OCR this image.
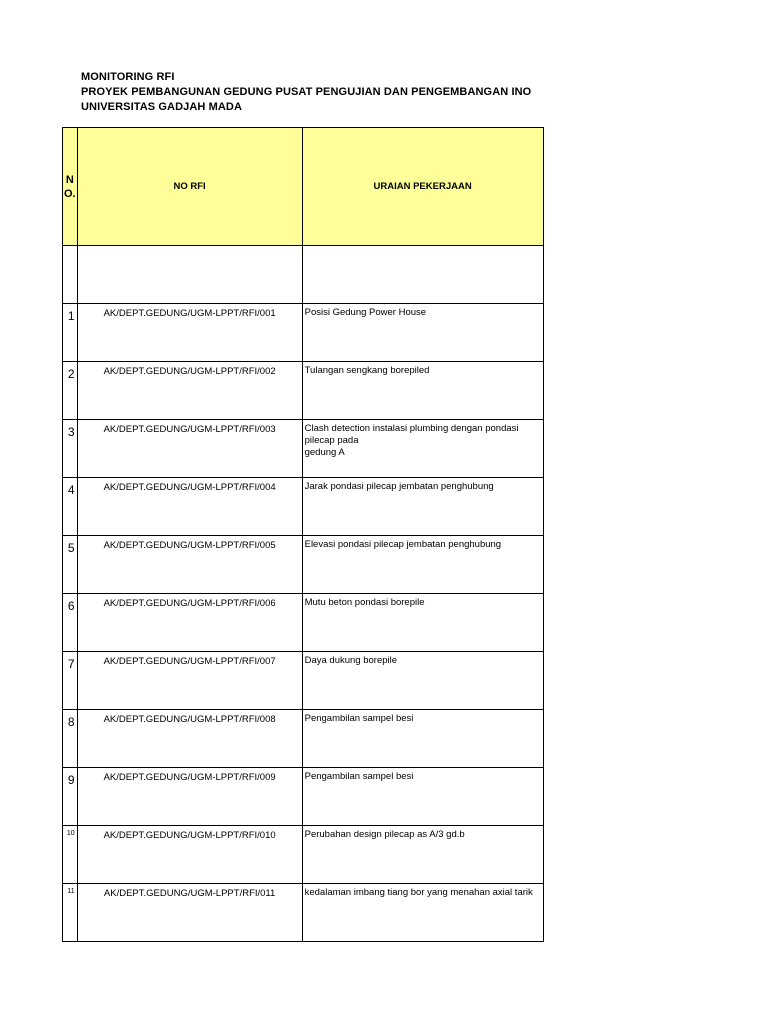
MONITORING RFI
PROYEK PEMBANGUNAN GEDUNG PUSAT PENGUJIAN DAN PENGEMBANGAN INO
UNIVERSITAS GADJAH MADA
NO.	NO RFI	URAIAN PEKERJAAN

1	AK/DEPT.GEDUNG/UGM-LPPT/RFI/001	Posisi Gedung Power House

2	AK/DEPT.GEDUNG/UGM-LPPT/RFI/002	Tulangan sengkang borepiled

3	AK/DEPT.GEDUNG/UGM-LPPT/RFI/003	Clash detection instalasi plumbing dengan pondasi pilecap pada
gedung A

4	AK/DEPT.GEDUNG/UGM-LPPT/RFI/004	Jarak pondasi pilecap jembatan penghubung

5	AK/DEPT.GEDUNG/UGM-LPPT/RFI/005	Elevasi pondasi pilecap jembatan penghubung

6	AK/DEPT.GEDUNG/UGM-LPPT/RFI/006	Mutu beton pondasi borepile

7	AK/DEPT.GEDUNG/UGM-LPPT/RFI/007	Daya dukung borepile

8	AK/DEPT.GEDUNG/UGM-LPPT/RFI/008	Pengambilan sampel besi

9	AK/DEPT.GEDUNG/UGM-LPPT/RFI/009	Pengambilan sampel besi

10	AK/DEPT.GEDUNG/UGM-LPPT/RFI/010	Perubahan design pilecap as A/3 gd.b

11	AK/DEPT.GEDUNG/UGM-LPPT/RFI/011	kedalaman imbang tiang bor yang menahan axial tarik
